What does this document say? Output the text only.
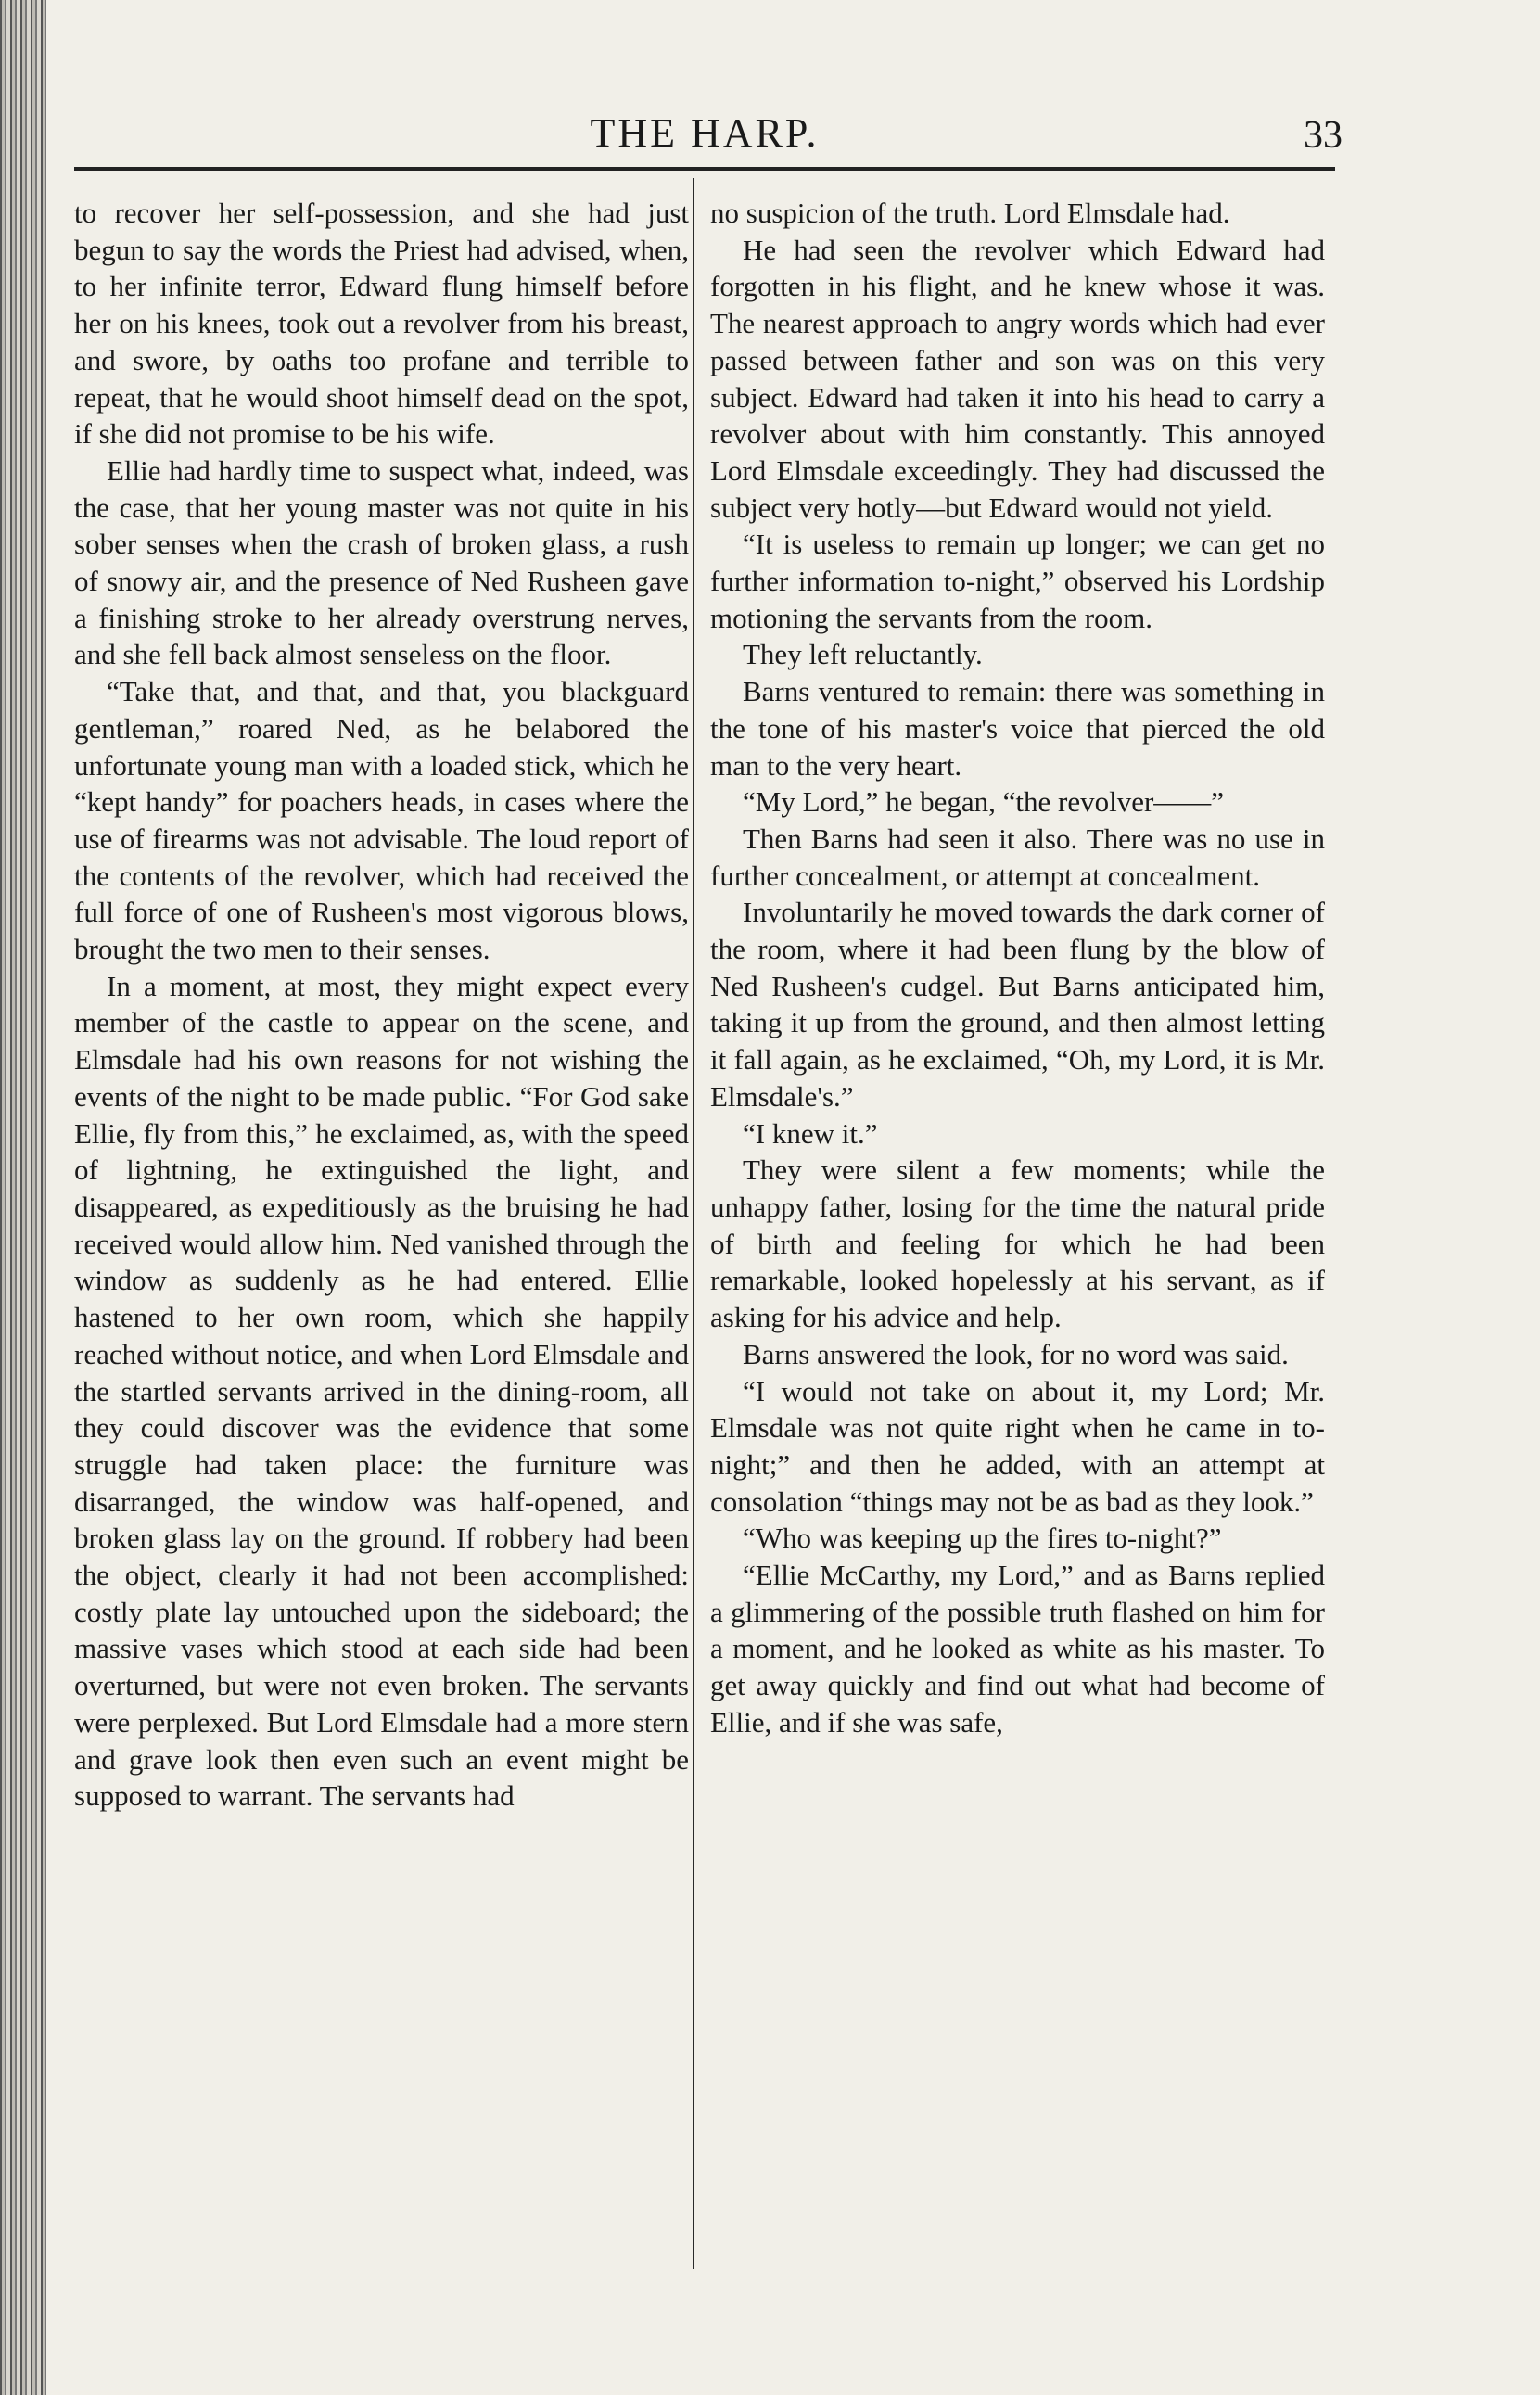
THE HARP.	33

to recover her self-possession, and she had just begun to say the words the Priest had advised, when, to her infinite terror, Edward flung himself before her on his knees, took out a revolver from his breast, and swore, by oaths too profane and terrible to repeat, that he would shoot himself dead on the spot, if she did not promise to be his wife.

Ellie had hardly time to suspect what, indeed, was the case, that her young master was not quite in his sober senses when the crash of broken glass, a rush of snowy air, and the presence of Ned Rusheen gave a finishing stroke to her already overstrung nerves, and she fell back almost senseless on the floor.

“Take that, and that, and that, you blackguard gentleman,” roared Ned, as he belabored the unfortunate young man with a loaded stick, which he “kept handy” for poachers heads, in cases where the use of firearms was not advisable. The loud report of the contents of the revolver, which had received the full force of one of Rusheen's most vigorous blows, brought the two men to their senses.

In a moment, at most, they might expect every member of the castle to appear on the scene, and Elmsdale had his own reasons for not wishing the events of the night to be made public. “For God sake Ellie, fly from this,” he exclaimed, as, with the speed of lightning, he extinguished the light, and disappeared, as expeditiously as the bruising he had received would allow him. Ned vanished through the window as suddenly as he had entered. Ellie hastened to her own room, which she happily reached without notice, and when Lord Elmsdale and the startled servants arrived in the dining-room, all they could discover was the evidence that some struggle had taken place: the furniture was disarranged, the window was half-opened, and broken glass lay on the ground. If robbery had been the object, clearly it had not been accomplished: costly plate lay untouched upon the sideboard; the massive vases which stood at each side had been overturned, but were not even broken. The servants were perplexed. But Lord Elmsdale had a more stern and grave look then even such an event might be supposed to warrant. The servants had

no suspicion of the truth. Lord Elmsdale had.

He had seen the revolver which Edward had forgotten in his flight, and he knew whose it was. The nearest approach to angry words which had ever passed between father and son was on this very subject. Edward had taken it into his head to carry a revolver about with him constantly. This annoyed Lord Elmsdale exceedingly. They had discussed the subject very hotly—but Edward would not yield.

“It is useless to remain up longer; we can get no further information to-night,” observed his Lordship motioning the servants from the room.

They left reluctantly.

Barns ventured to remain: there was something in the tone of his master's voice that pierced the old man to the very heart.

“My Lord,” he began, “the revolver——”

Then Barns had seen it also. There was no use in further concealment, or attempt at concealment.

Involuntarily he moved towards the dark corner of the room, where it had been flung by the blow of Ned Rusheen's cudgel. But Barns anticipated him, taking it up from the ground, and then almost letting it fall again, as he exclaimed, “Oh, my Lord, it is Mr. Elmsdale's.”

“I knew it.”

They were silent a few moments; while the unhappy father, losing for the time the natural pride of birth and feeling for which he had been remarkable, looked hopelessly at his servant, as if asking for his advice and help.

Barns answered the look, for no word was said.

“I would not take on about it, my Lord; Mr. Elmsdale was not quite right when he came in to-night;” and then he added, with an attempt at consolation “things may not be as bad as they look.”

“Who was keeping up the fires to-night?”

“Ellie McCarthy, my Lord,” and as Barns replied a glimmering of the possible truth flashed on him for a moment, and he looked as white as his master. To get away quickly and find out what had become of Ellie, and if she was safe,
